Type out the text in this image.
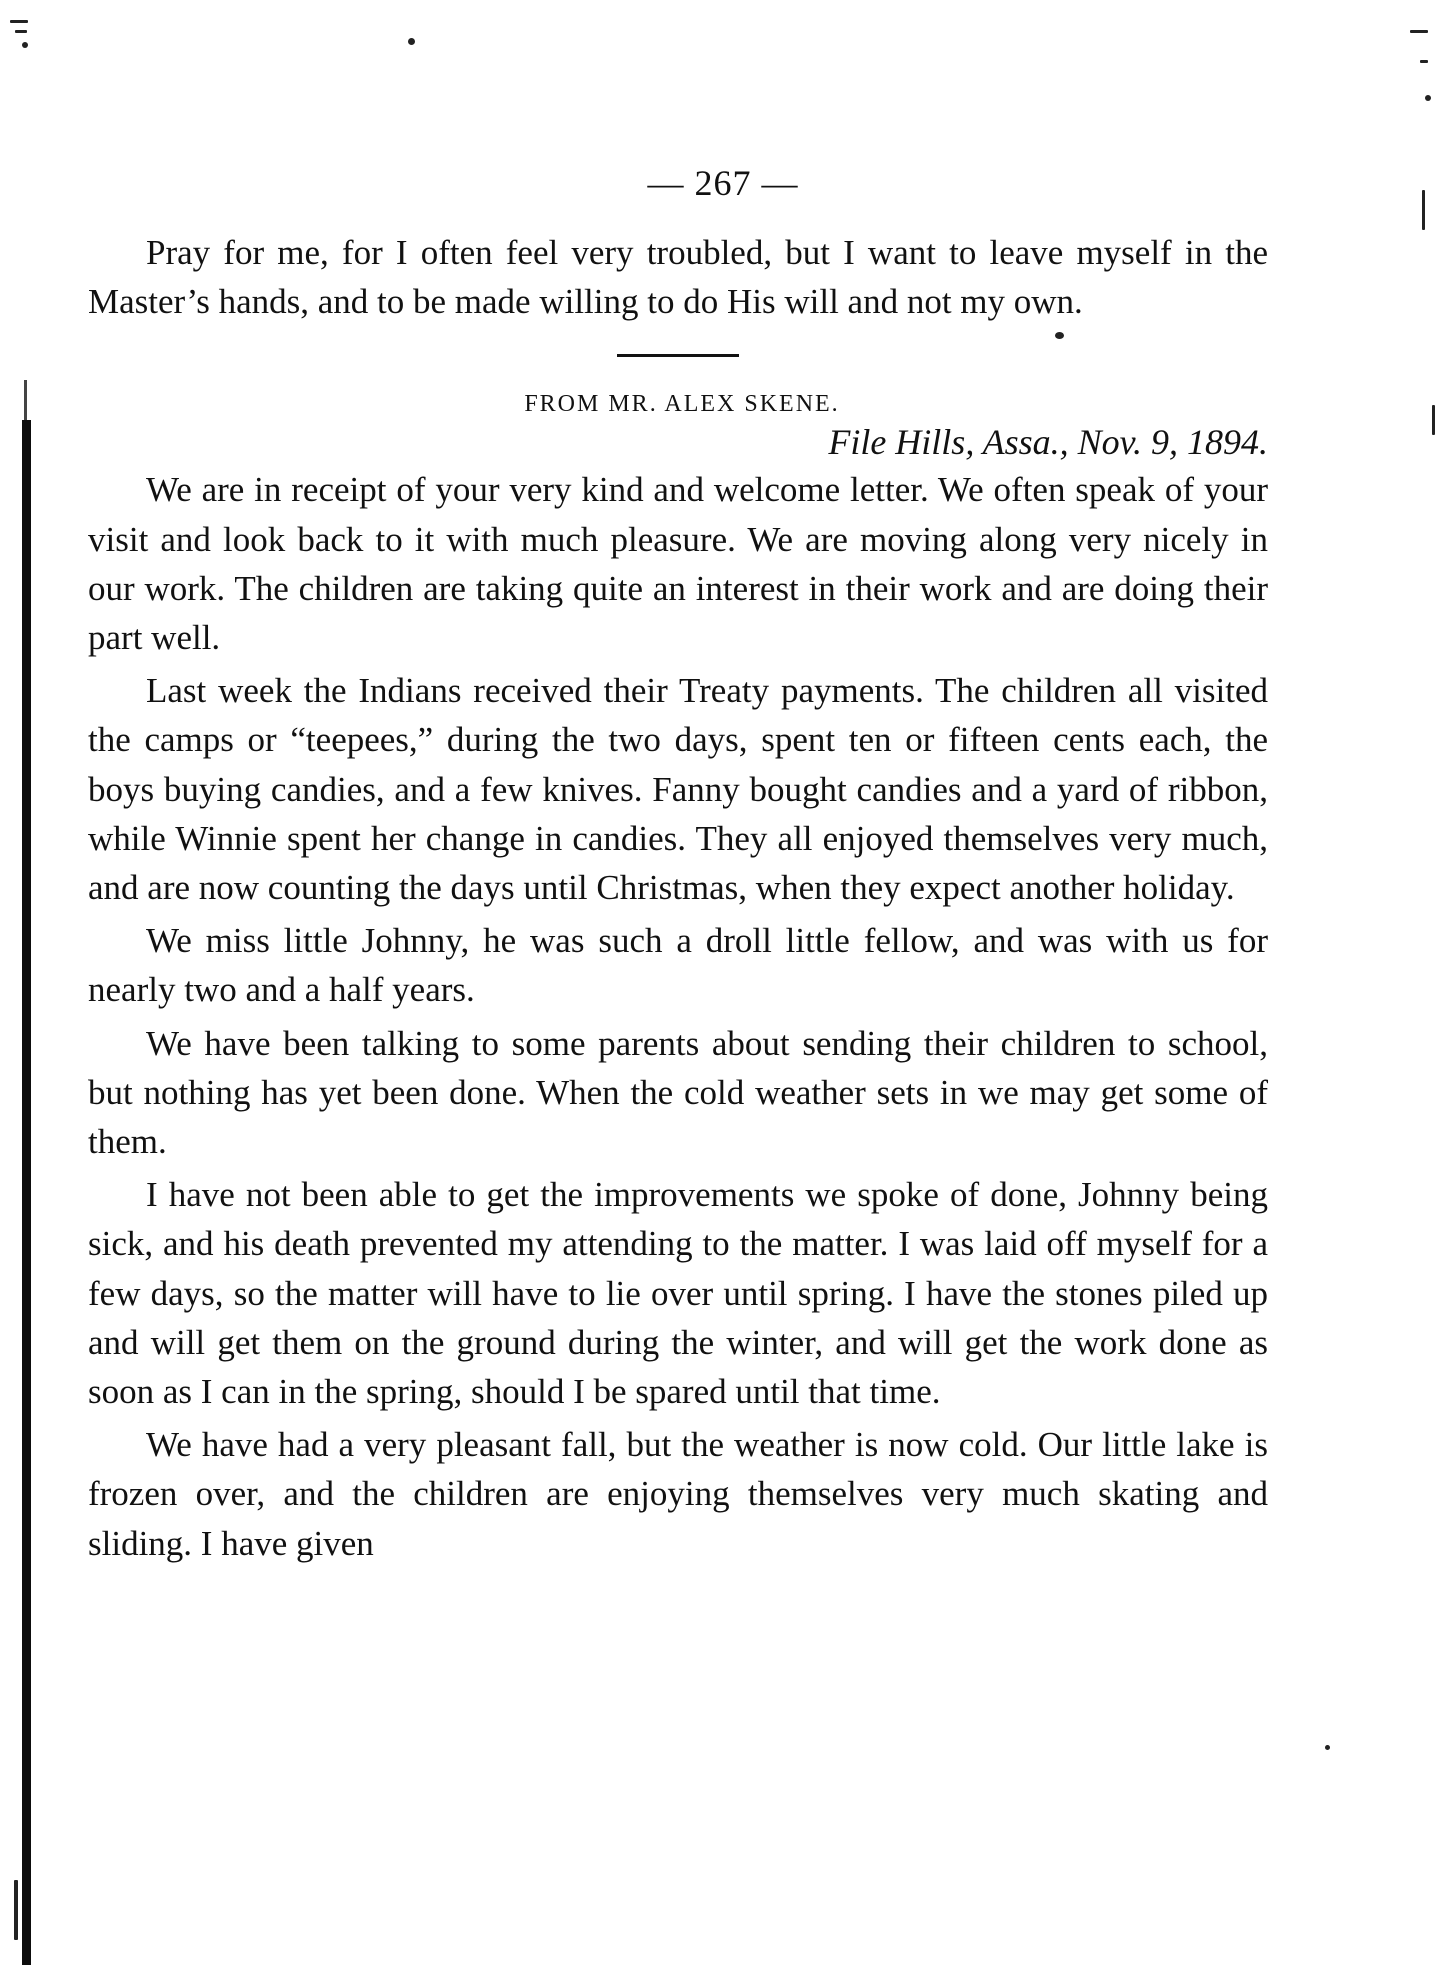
— 267 —

Pray for me, for I often feel very troubled, but I want to leave myself in the Master’s hands, and to be made willing to do His will and not my own.

FROM MR. ALEX SKENE.

File Hills, Assa., Nov. 9, 1894.

We are in receipt of your very kind and welcome letter. We often speak of your visit and look back to it with much pleasure. We are moving along very nicely in our work. The children are taking quite an interest in their work and are doing their part well.

Last week the Indians received their Treaty payments. The children all visited the camps or “teepees,” during the two days, spent ten or fifteen cents each, the boys buying candies, and a few knives. Fanny bought candies and a yard of ribbon, while Winnie spent her change in candies. They all enjoyed themselves very much, and are now counting the days until Christmas, when they expect another holiday.

We miss little Johnny, he was such a droll little fellow, and was with us for nearly two and a half years.

We have been talking to some parents about sending their children to school, but nothing has yet been done. When the cold weather sets in we may get some of them.

I have not been able to get the improvements we spoke of done, Johnny being sick, and his death prevented my attending to the matter. I was laid off myself for a few days, so the matter will have to lie over until spring. I have the stones piled up and will get them on the ground during the winter, and will get the work done as soon as I can in the spring, should I be spared until that time.

We have had a very pleasant fall, but the weather is now cold. Our little lake is frozen over, and the children are enjoying themselves very much skating and sliding. I have given
